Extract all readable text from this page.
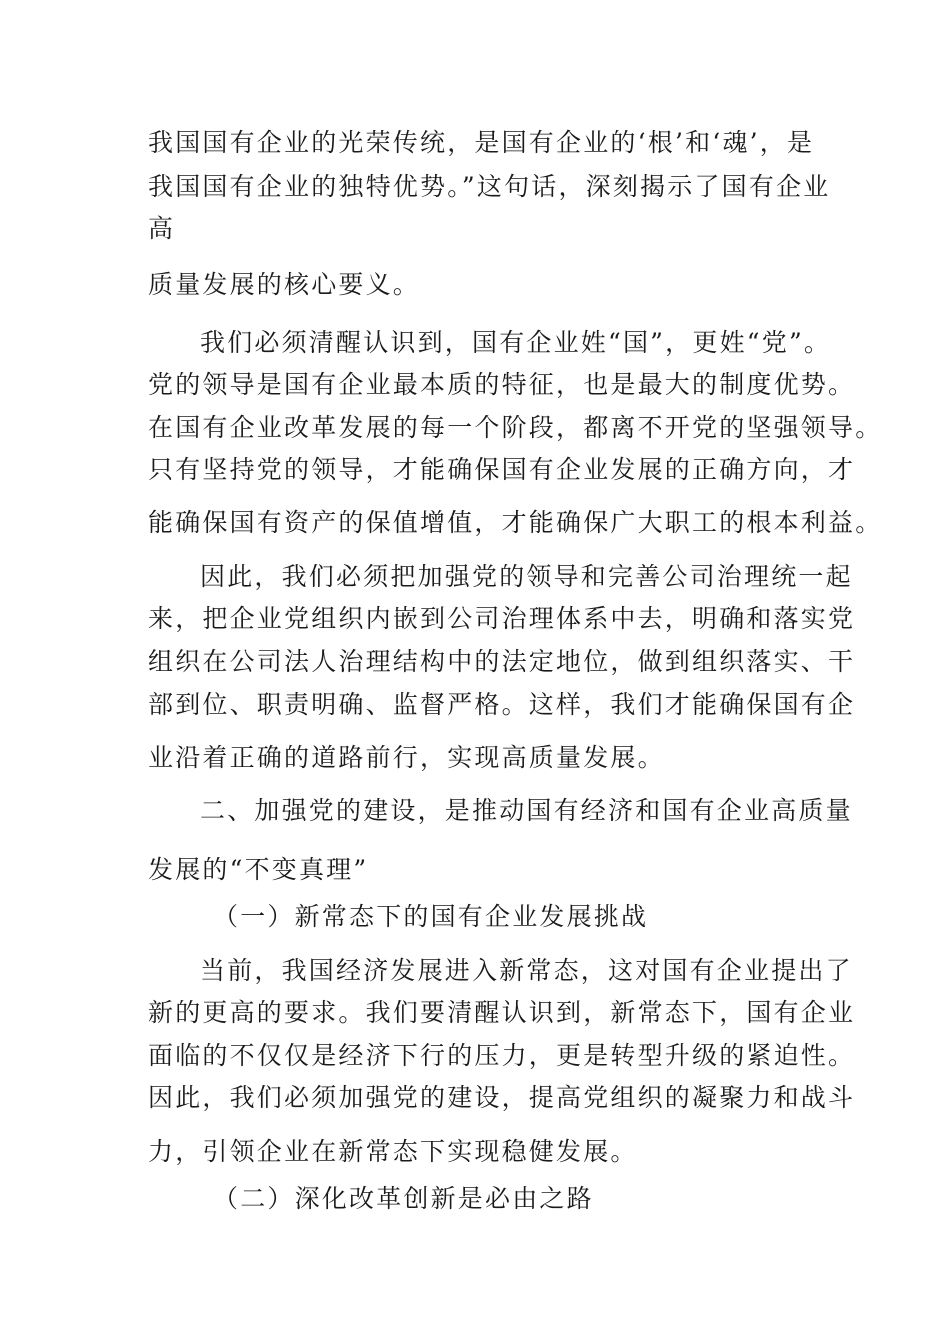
我国国有企业的光荣传统，是国有企业的‘根’和‘魂’，是
我国国有企业的独特优势。”这句话，深刻揭示了国有企业
高
质量发展的核心要义。
我们必须清醒认识到，国有企业姓“国”，更姓“党”。
党的领导是国有企业最本质的特征，也是最大的制度优势。
在国有企业改革发展的每一个阶段，都离不开党的坚强领导。
只有坚持党的领导，才能确保国有企业发展的正确方向，才
能确保国有资产的保值增值，才能确保广大职工的根本利益。
因此，我们必须把加强党的领导和完善公司治理统一起
来，把企业党组织内嵌到公司治理体系中去，明确和落实党
组织在公司法人治理结构中的法定地位，做到组织落实、干
部到位、职责明确、监督严格。这样，我们才能确保国有企
业沿着正确的道路前行，实现高质量发展。
二、加强党的建设，是推动国有经济和国有企业高质量
发展的“不变真理”
（一）新常态下的国有企业发展挑战
当前，我国经济发展进入新常态，这对国有企业提出了
新的更高的要求。我们要清醒认识到，新常态下，国有企业
面临的不仅仅是经济下行的压力，更是转型升级的紧迫性。
因此，我们必须加强党的建设，提高党组织的凝聚力和战斗
力，引领企业在新常态下实现稳健发展。
（二）深化改革创新是必由之路
